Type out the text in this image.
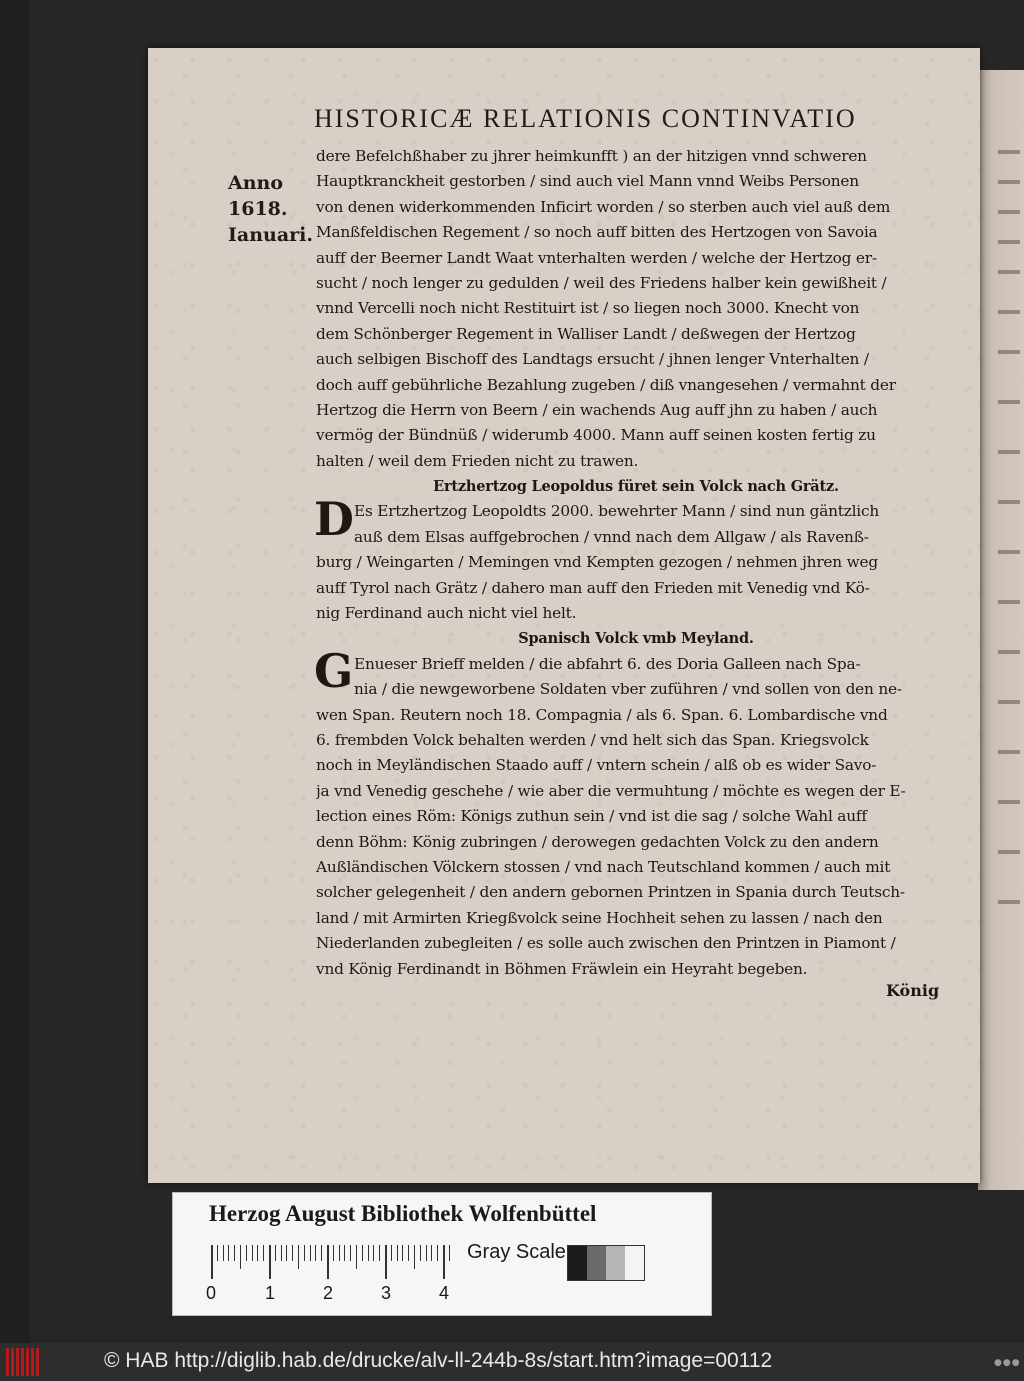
HISTORICÆ RELATIONIS CONTINVATIO
Anno
1618.
Ianuari.
dere Befelchßhaber zu jhrer heimkunfft ) an der hitzigen vnnd schweren
Hauptkranckheit gestorben / sind auch viel Mann vnnd Weibs Personen
von denen widerkommenden Inficirt worden / so sterben auch viel auß dem
Manßfeldischen Regement / so noch auff bitten des Hertzogen von Savoia
auff der Beerner Landt Waat vnterhalten werden / welche der Hertzog er-
sucht / noch lenger zu gedulden / weil des Friedens halber kein gewißheit /
vnnd Vercelli noch nicht Restituirt ist / so liegen noch 3000. Knecht von
dem Schönberger Regement in Walliser Landt / deßwegen der Hertzog
auch selbigen Bischoff des Landtags ersucht / jhnen lenger Vnterhalten /
doch auff gebührliche Bezahlung zugeben / diß vnangesehen / vermahnt der
Hertzog die Herrn von Beern / ein wachends Aug auff jhn zu haben / auch
vermög der Bündnüß / widerumb 4000. Mann auff seinen kosten fertig zu
halten / weil dem Frieden nicht zu trawen.
Ertzhertzog Leopoldus füret sein Volck nach Grätz.
Es Ertzhertzog Leopoldts 2000. bewehrter Mann / sind nun gäntzlich
auß dem Elsas auffgebrochen / vnnd nach dem Allgaw / als Ravenß-
burg / Weingarten / Memingen vnd Kempten gezogen / nehmen jhren weg
auff Tyrol nach Grätz / dahero man auff den Frieden mit Venedig vnd Kö-
nig Ferdinand auch nicht viel helt.
Spanisch Volck vmb Meyland.
Enueser Brieff melden / die abfahrt 6. des Doria Galleen nach Spa-
nia / die newgeworbene Soldaten vber zuführen / vnd sollen von den ne-
wen Span. Reutern noch 18. Compagnia / als 6. Span. 6. Lombardische vnd
6. frembden Volck behalten werden / vnd helt sich das Span. Kriegsvolck
noch in Meyländischen Staado auff / vntern schein / alß ob es wider Savo-
ja vnd Venedig geschehe / wie aber die vermuhtung / möchte es wegen der E-
lection eines Röm: Königs zuthun sein / vnd ist die sag / solche Wahl auff
denn Böhm: König zubringen / derowegen gedachten Volck zu den andern
Außländischen Völckern stossen / vnd nach Teutschland kommen / auch mit
solcher gelegenheit / den andern gebornen Printzen in Spania durch Teutsch-
land / mit Armirten Kriegßvolck seine Hochheit sehen zu lassen / nach den
Niederlanden zubegleiten / es solle auch zwischen den Printzen in Piamont /
vnd König Ferdinandt in Böhmen Fräwlein ein Heyraht begeben.
D
G
König
Herzog August Bibliothek Wolfenbüttel
0	1	2	3	4
Gray Scale
© HAB http://diglib.hab.de/drucke/alv-ll-244b-8s/start.htm?image=00112	●●●
